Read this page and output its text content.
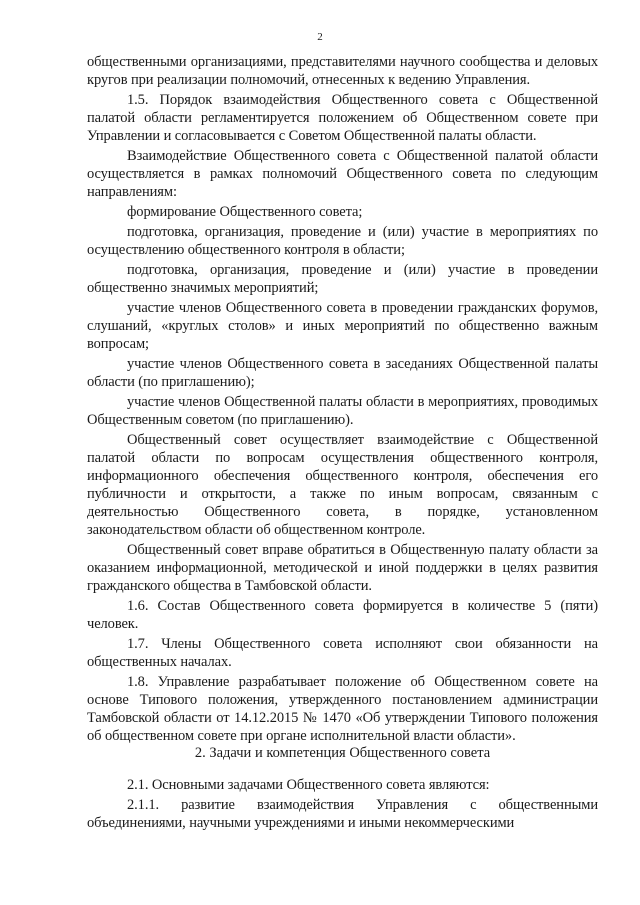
2

общественными организациями, представителями научного сообщества и деловых кругов при реализации полномочий, отнесенных к ведению Управления.

1.5. Порядок взаимодействия Общественного совета с Общественной палатой области регламентируется положением об Общественном совете при Управлении и согласовывается с Советом Общественной палаты области.

Взаимодействие Общественного совета с Общественной палатой области осуществляется в рамках полномочий Общественного совета по следующим направлениям:

формирование Общественного совета;

подготовка, организация, проведение и (или) участие в мероприятиях по осуществлению общественного контроля в области;

подготовка, организация, проведение и (или) участие в проведении общественно значимых мероприятий;

участие членов Общественного совета в проведении гражданских форумов, слушаний, «круглых столов» и иных мероприятий по общественно важным вопросам;

участие членов Общественного совета в заседаниях Общественной палаты области (по приглашению);

участие членов Общественной палаты области в мероприятиях, проводимых Общественным советом (по приглашению).

Общественный совет осуществляет взаимодействие с Общественной палатой области по вопросам осуществления общественного контроля, информационного обеспечения общественного контроля, обеспечения его публичности и открытости, а также по иным вопросам, связанным с деятельностью Общественного совета, в порядке, установленном законодательством области об общественном контроле.

Общественный совет вправе обратиться в Общественную палату области за оказанием информационной, методической и иной поддержки в целях развития гражданского общества в Тамбовской области.

1.6. Состав Общественного совета формируется в количестве 5 (пяти) человек.

1.7. Члены Общественного совета исполняют свои обязанности на общественных началах.

1.8. Управление разрабатывает положение об Общественном совете на основе Типового положения, утвержденного постановлением администрации Тамбовской области от 14.12.2015 № 1470 «Об утверждении Типового положения об общественном совете при органе исполнительной власти области».

2. Задачи и компетенция Общественного совета

2.1. Основными задачами Общественного совета являются:

2.1.1. развитие взаимодействия Управления с общественными объединениями, научными учреждениями и иными некоммерческими
